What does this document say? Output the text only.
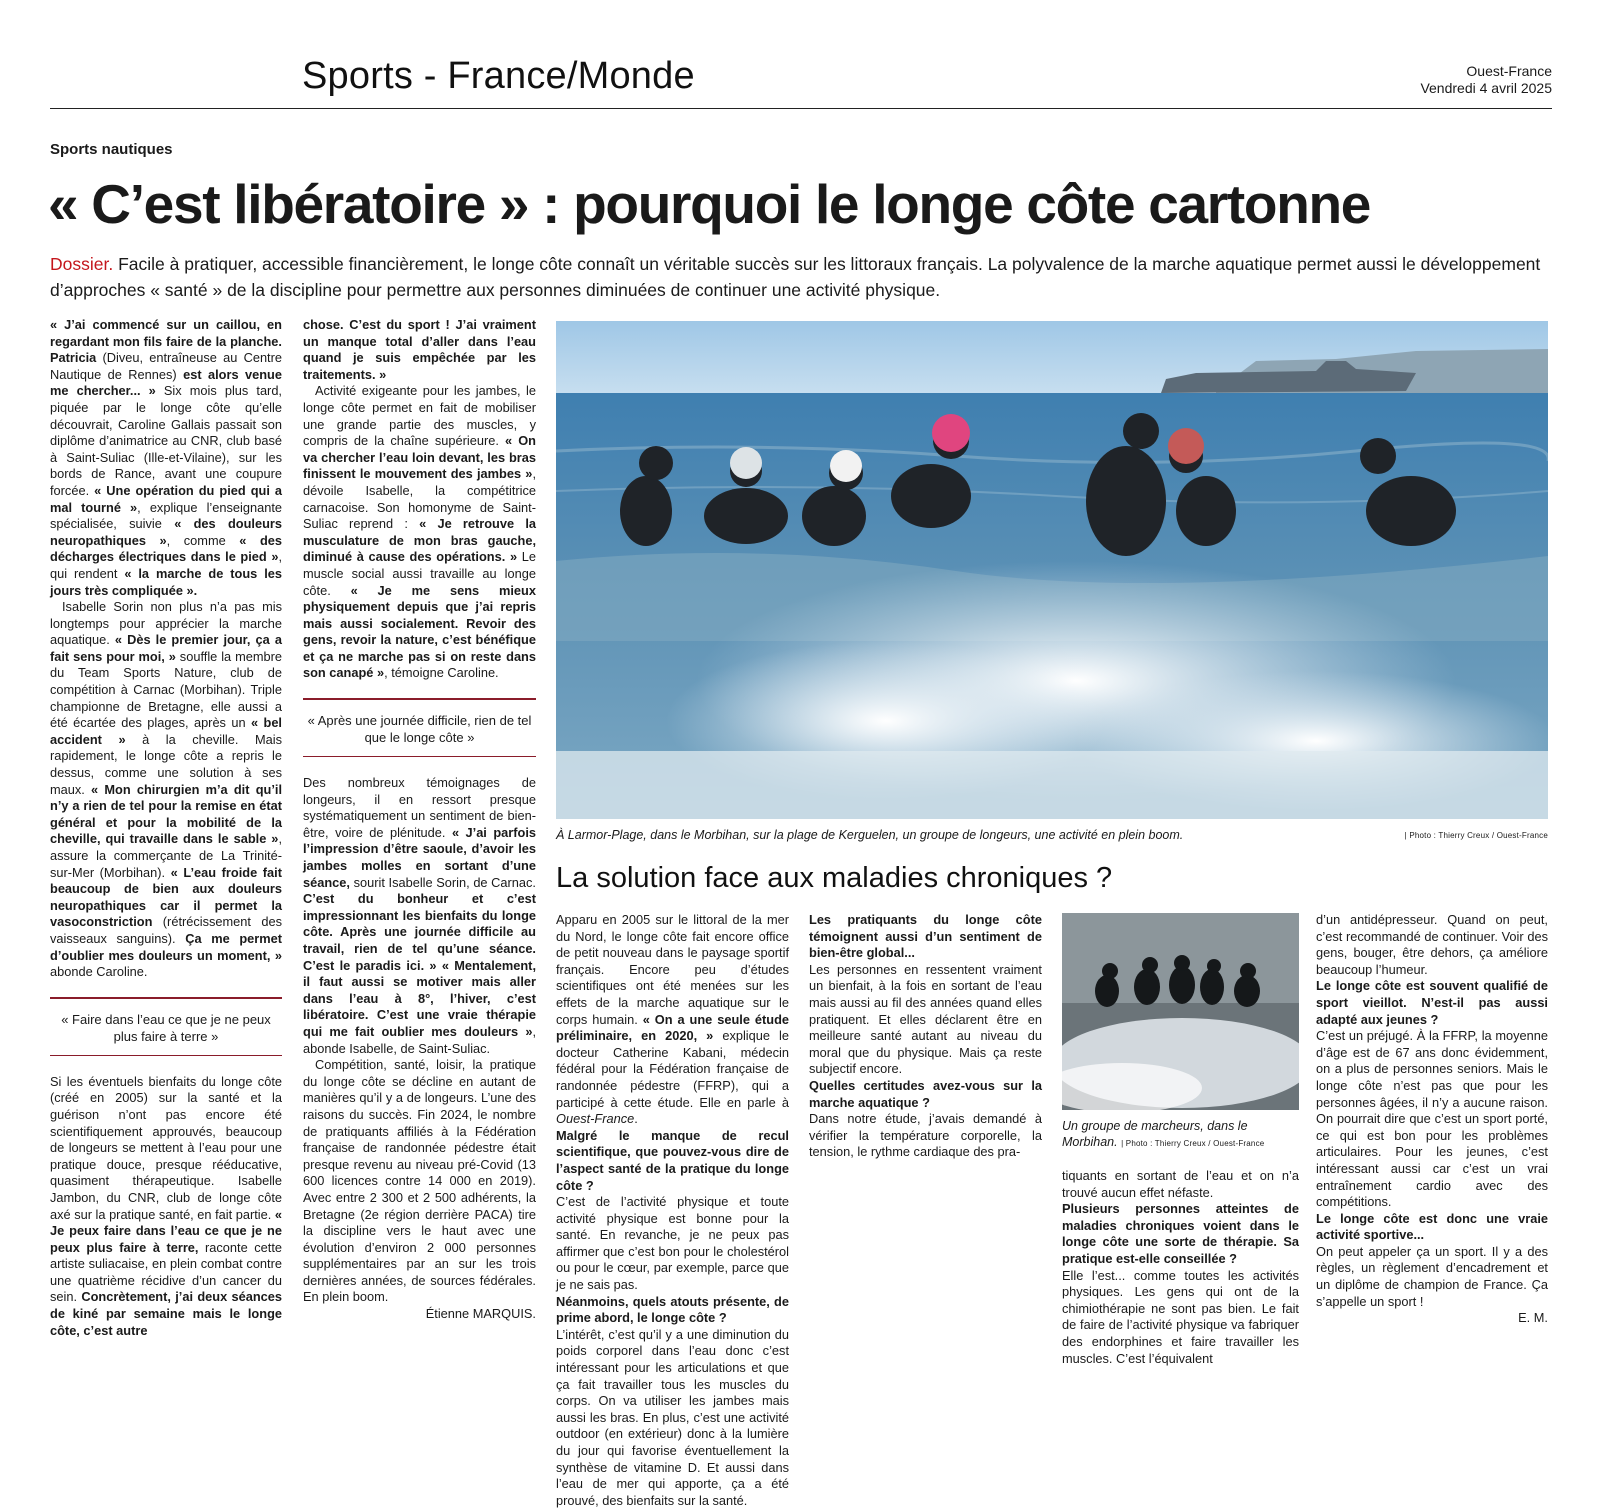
Sports - France/Monde	Ouest-France
Vendredi 4 avril 2025
Sports nautiques
« C’est libératoire » : pourquoi le longe côte cartonne
Dossier. Facile à pratiquer, accessible financièrement, le longe côte connaît un véritable succès sur les littoraux français. La polyvalence de la marche aquatique permet aussi le développement d’approches « santé » de la discipline pour permettre aux personnes diminuées de continuer une activité physique.

« J’ai commencé sur un caillou, en regardant mon fils faire de la planche. Patricia (Diveu, entraîneuse au Centre Nautique de Rennes) est alors venue me chercher... » Six mois plus tard, piquée par le longe côte qu’elle découvrait, Caroline Gallais passait son diplôme d’animatrice au CNR, club basé à Saint-Suliac (Ille-et-Vilaine), sur les bords de Rance, avant une coupure forcée. « Une opération du pied qui a mal tourné », explique l’enseignante spécialisée, suivie « des douleurs neuropathiques », comme « des décharges électriques dans le pied », qui rendent « la marche de tous les jours très compliquée ».

Isabelle Sorin non plus n’a pas mis longtemps pour apprécier la marche aquatique. « Dès le premier jour, ça a fait sens pour moi, » souffle la membre du Team Sports Nature, club de compétition à Carnac (Morbihan). Triple championne de Bretagne, elle aussi a été écartée des plages, après un « bel accident » à la cheville. Mais rapidement, le longe côte a repris le dessus, comme une solution à ses maux. « Mon chirurgien m’a dit qu’il n’y a rien de tel pour la remise en état général et pour la mobilité de la cheville, qui travaille dans le sable », assure la commerçante de La Trinité-sur-Mer (Morbihan). « L’eau froide fait beaucoup de bien aux douleurs neuropathiques car il permet la vasoconstriction (rétrécissement des vaisseaux sanguins). Ça me permet d’oublier mes douleurs un moment, » abonde Caroline.

« Faire dans l’eau ce que je ne peux plus faire à terre »

Si les éventuels bienfaits du longe côte (créé en 2005) sur la santé et la guérison n’ont pas encore été scientifiquement approuvés, beaucoup de longeurs se mettent à l’eau pour une pratique douce, presque rééducative, quasiment thérapeutique. Isabelle Jambon, du CNR, club de longe côte axé sur la pratique santé, en fait partie. « Je peux faire dans l’eau ce que je ne peux plus faire à terre, raconte cette artiste suliacaise, en plein combat contre une quatrième récidive d’un cancer du sein. Concrètement, j’ai deux séances de kiné par semaine mais le longe côte, c’est autre

chose. C’est du sport ! J’ai vraiment un manque total d’aller dans l’eau quand je suis empêchée par les traitements. »

Activité exigeante pour les jambes, le longe côte permet en fait de mobiliser une grande partie des muscles, y compris de la chaîne supérieure. « On va chercher l’eau loin devant, les bras finissent le mouvement des jambes », dévoile Isabelle, la compétitrice carnacoise. Son homonyme de Saint-Suliac reprend : « Je retrouve la musculature de mon bras gauche, diminué à cause des opérations. » Le muscle social aussi travaille au longe côte. « Je me sens mieux physiquement depuis que j’ai repris mais aussi socialement. Revoir des gens, revoir la nature, c’est bénéfique et ça ne marche pas si on reste dans son canapé », témoigne Caroline.

« Après une journée difficile, rien de tel que le longe côte »

Des nombreux témoignages de longeurs, il en ressort presque systématiquement un sentiment de bien-être, voire de plénitude. « J’ai parfois l’impression d’être saoule, d’avoir les jambes molles en sortant d’une séance, sourit Isabelle Sorin, de Carnac. C’est du bonheur et c’est impressionnant les bienfaits du longe côte. Après une journée difficile au travail, rien de tel qu’une séance. C’est le paradis ici. » « Mentalement, il faut aussi se motiver mais aller dans l’eau à 8°, l’hiver, c’est libératoire. C’est une vraie thérapie qui me fait oublier mes douleurs », abonde Isabelle, de Saint-Suliac.

Compétition, santé, loisir, la pratique du longe côte se décline en autant de manières qu’il y a de longeurs. L’une des raisons du succès. Fin 2024, le nombre de pratiquants affiliés à la Fédération française de randonnée pédestre était presque revenu au niveau pré-Covid (13 600 licences contre 14 000 en 2019). Avec entre 2 300 et 2 500 adhérents, la Bretagne (2e région derrière PACA) tire la discipline vers le haut avec une évolution d’environ 2 000 personnes supplémentaires par an sur les trois dernières années, de sources fédérales. En plein boom.

Étienne MARQUIS.

À Larmor-Plage, dans le Morbihan, sur la plage de Kerguelen, un groupe de longeurs, une activité en plein boom.	| Photo : Thierry Creux / Ouest-France
La solution face aux maladies chroniques ?

Apparu en 2005 sur le littoral de la mer du Nord, le longe côte fait encore office de petit nouveau dans le paysage sportif français. Encore peu d’études scientifiques ont été menées sur les effets de la marche aquatique sur le corps humain. « On a une seule étude préliminaire, en 2020, » explique le docteur Catherine Kabani, médecin fédéral pour la Fédération française de randonnée pédestre (FFRP), qui a participé à cette étude. Elle en parle à Ouest-France.

Malgré le manque de recul scientifique, que pouvez-vous dire de l’aspect santé de la pratique du longe côte ?

C’est de l’activité physique et toute activité physique est bonne pour la santé. En revanche, je ne peux pas affirmer que c’est bon pour le cholestérol ou pour le cœur, par exemple, parce que je ne sais pas.

Néanmoins, quels atouts présente, de prime abord, le longe côte ?

L’intérêt, c’est qu’il y a une diminution du poids corporel dans l’eau donc c’est intéressant pour les articulations et que ça fait travailler tous les muscles du corps. On va utiliser les jambes mais aussi les bras. En plus, c’est une activité outdoor (en extérieur) donc à la lumière du jour qui favorise éventuellement la synthèse de vitamine D. Et aussi dans l’eau de mer qui apporte, ça a été prouvé, des bienfaits sur la santé.

Les pratiquants du longe côte témoignent aussi d’un sentiment de bien-être global...

Les personnes en ressentent vraiment un bienfait, à la fois en sortant de l’eau mais aussi au fil des années quand elles pratiquent. Et elles déclarent être en meilleure santé autant au niveau du moral que du physique. Mais ça reste subjectif encore.

Quelles certitudes avez-vous sur la marche aquatique ?

Dans notre étude, j’avais demandé à vérifier la température corporelle, la tension, le rythme cardiaque des pra-

Un groupe de marcheurs, dans le Morbihan. | Photo : Thierry Creux / Ouest-France

tiquants en sortant de l’eau et on n’a trouvé aucun effet néfaste.

Plusieurs personnes atteintes de maladies chroniques voient dans le longe côte une sorte de thérapie. Sa pratique est-elle conseillée ?

Elle l’est... comme toutes les activités physiques. Les gens qui ont de la chimiothérapie ne sont pas bien. Le fait de faire de l’activité physique va fabriquer des endorphines et faire travailler les muscles. C’est l’équivalent

d’un antidépresseur. Quand on peut, c’est recommandé de continuer. Voir des gens, bouger, être dehors, ça améliore beaucoup l’humeur.

Le longe côte est souvent qualifié de sport vieillot. N’est-il pas aussi adapté aux jeunes ?

C’est un préjugé. À la FFRP, la moyenne d’âge est de 67 ans donc évidemment, on a plus de personnes seniors. Mais le longe côte n’est pas que pour les personnes âgées, il n’y a aucune raison. On pourrait dire que c’est un sport porté, ce qui est bon pour les problèmes articulaires. Pour les jeunes, c’est intéressant aussi car c’est un vrai entraînement cardio avec des compétitions.

Le longe côte est donc une vraie activité sportive...

On peut appeler ça un sport. Il y a des règles, un règlement d’encadrement et un diplôme de champion de France. Ça s’appelle un sport !

E. M.
